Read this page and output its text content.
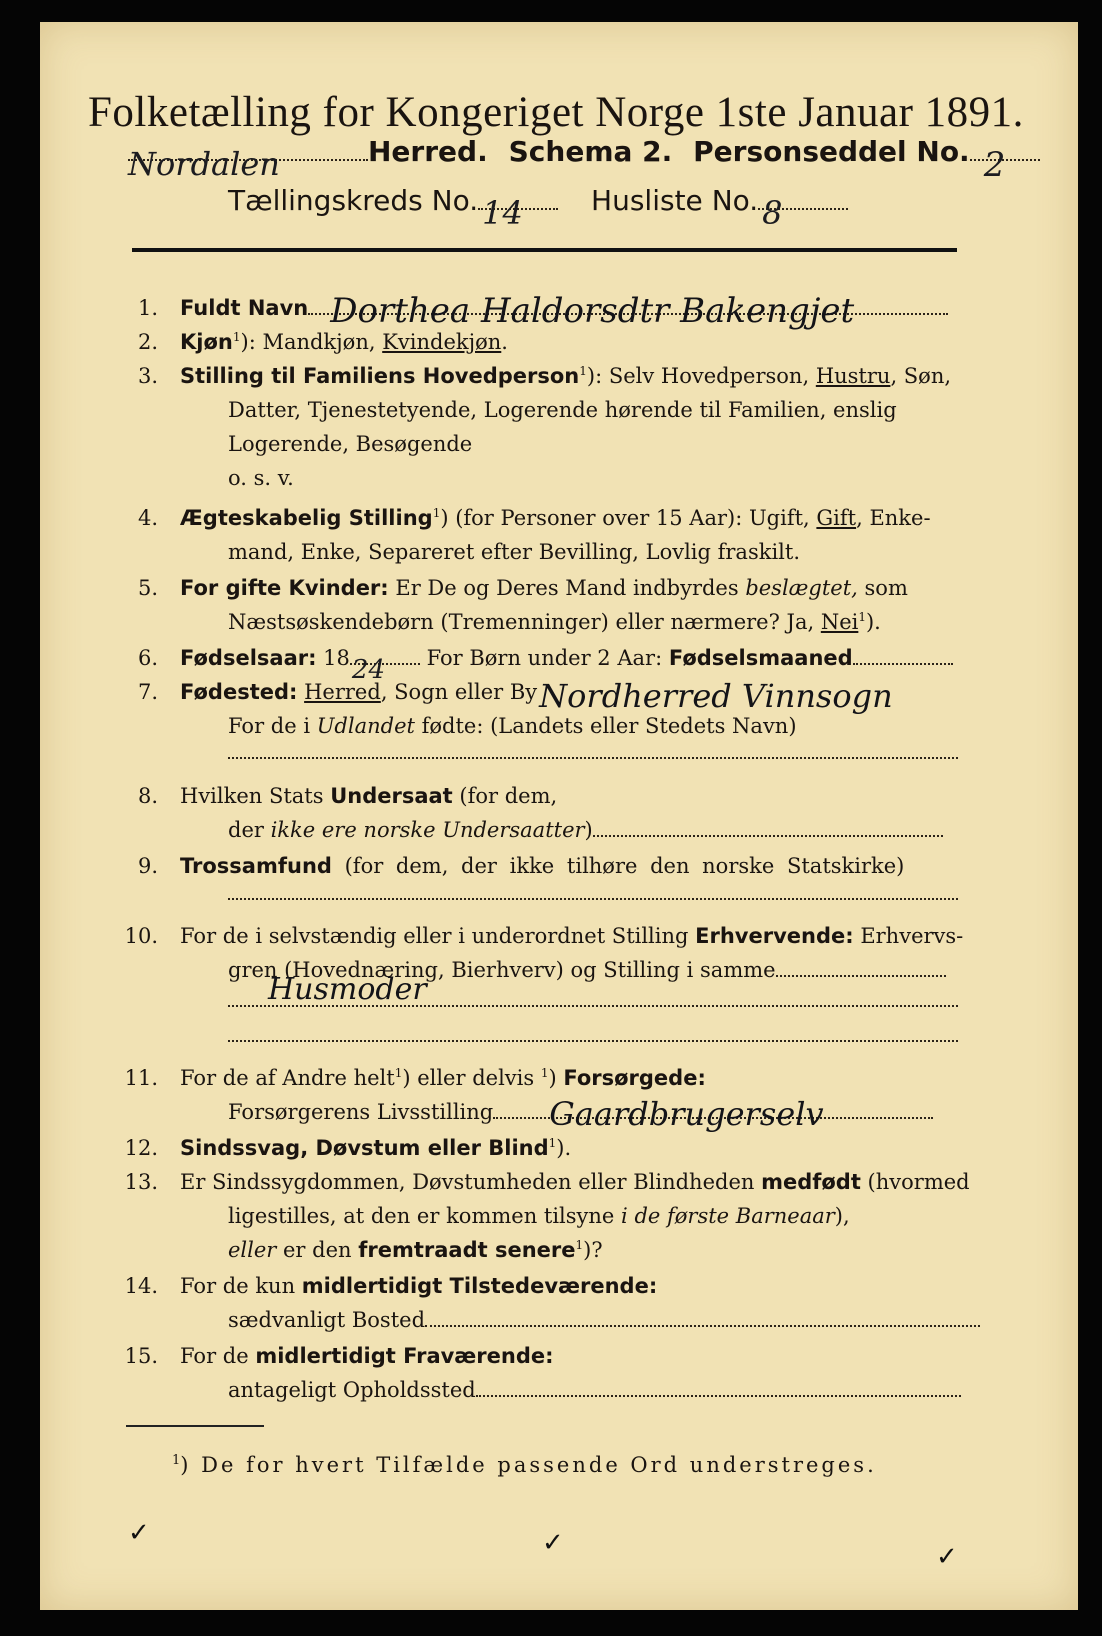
Folketælling for Kongeriget Norge 1ste Januar 1891.
Nordalen	Herred. Schema 2. Personseddel No. 2
Tællingskreds No. 14 Husliste No. 8
1. Fuldt Navn Dorthea Haldorsdtr Bakengjet
2. Kjøn$^1$): Mandkjøn, Kvindekjøn.
3. Stilling til Familiens Hovedperson$^1$): Selv Hovedperson, Hustru, Søn,
Datter, Tjenestetyende, Logerende hørende til Familien, enslig
Logerende, Besøgende
o. s. v.
4. Ægteskabelig Stilling$^1$) (for Personer over 15 Aar): Ugift, Gift, Enke-
mand, Enke, Separeret efter Bevilling, Lovlig fraskilt.
5. For gifte Kvinder: Er De og Deres Mand indbyrdes beslægtet, som
Næstsøskendebørn (Tremenninger) eller nærmere? Ja, Nei$^1$).
6. Fødselsaar: 18 24 For Børn under 2 Aar: Fødselsmaaned
7. Fødested: Herred, Sogn eller By Nordherred Vinnsogn
For de i Udlandet fødte: (Landets eller Stedets Navn)
8. Hvilken Stats Undersaat (for dem,
der ikke ere norske Undersaatter)
9. Trossamfund (for dem, der ikke tilhøre den norske Statskirke)
10. For de i selvstændig eller i underordnet Stilling Erhvervende: Erhvervs-
gren (Hovednæring, Bierhverv) og Stilling i samme
Husmoder
11. For de af Andre helt$^1$) eller delvis $^1$) Forsørgede:
Forsørgerens Livsstilling Gaardbrugerselv
12. Sindssvag, Døvstum eller Blind$^1$).
13. Er Sindssygdommen, Døvstumheden eller Blindheden medfødt (hvormed
ligestilles, at den er kommen tilsyne i de første Barneaar),
eller er den fremtraadt senere$^1$)?
14. For de kun midlertidigt Tilstedeværende:
sædvanligt Bosted
15. For de midlertidigt Fraværende:
antageligt Opholdssted
$^1$) De for hvert Tilfælde passende Ord understreges.
✓	✓	✓
